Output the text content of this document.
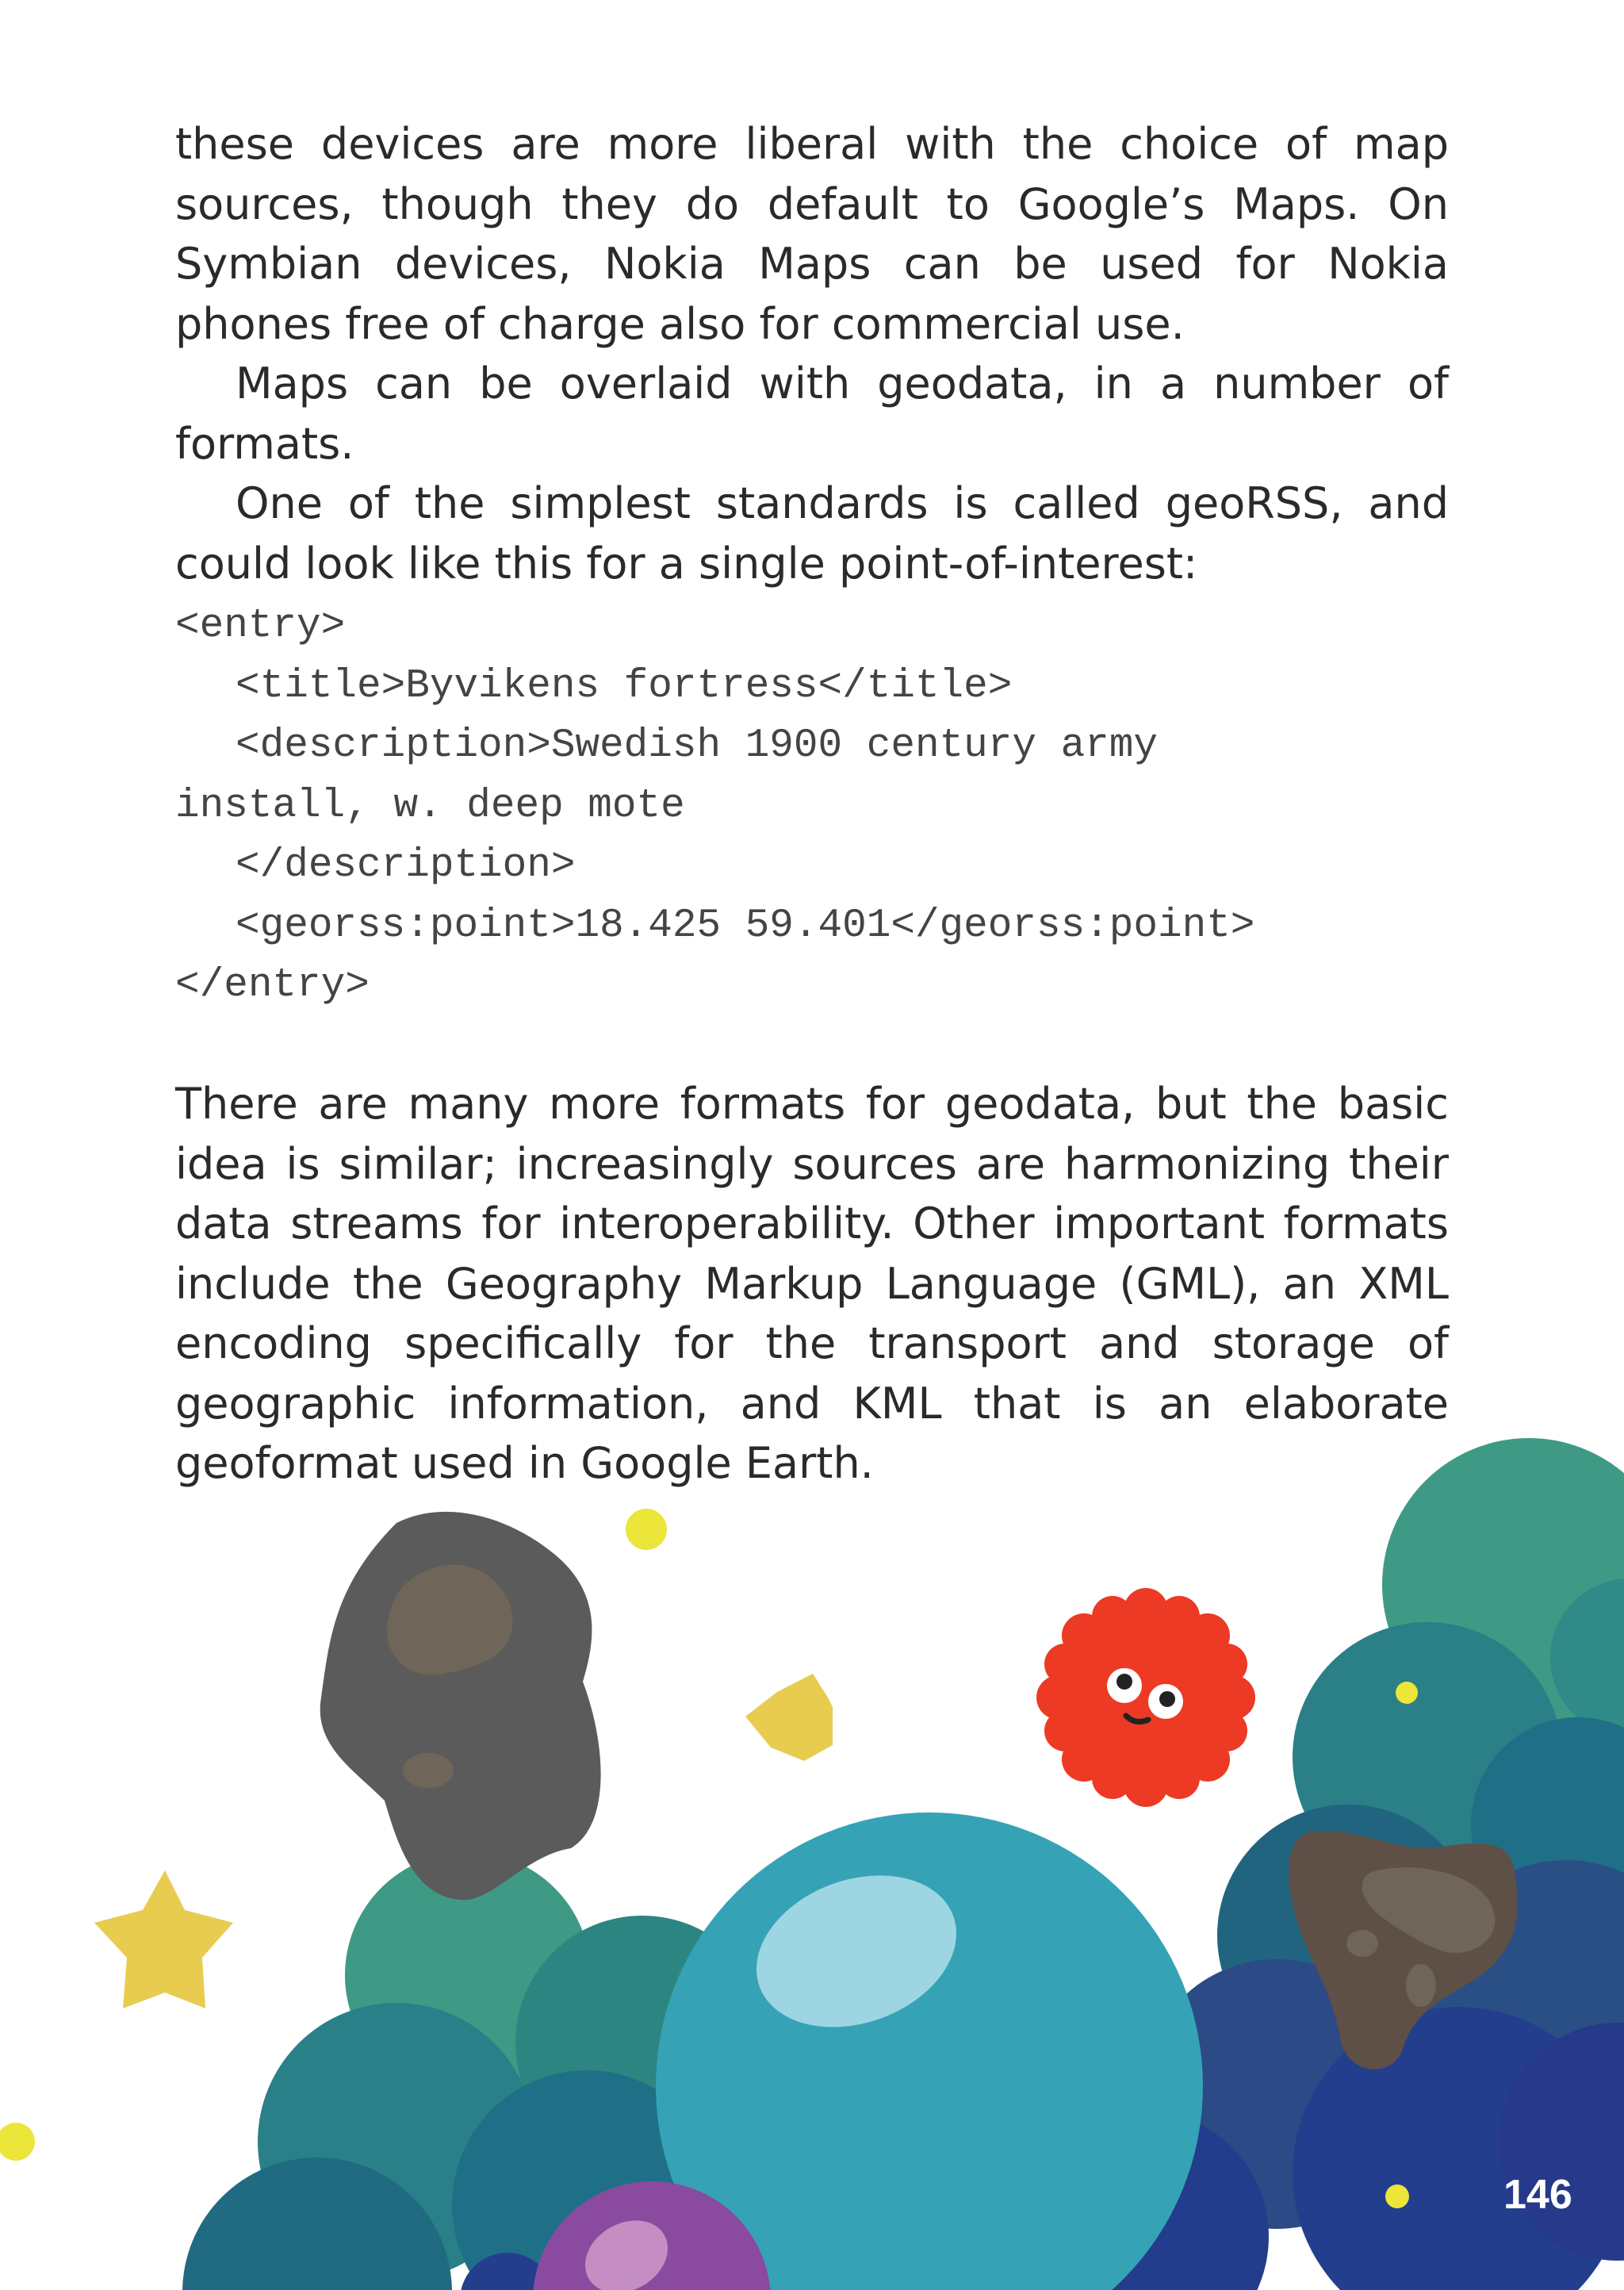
these devices are more liberal with the choice of map sources, though they do default to Google’s Maps. On Symbian devices, Nokia Maps can be used for Nokia phones free of charge also for commercial use.

Maps can be overlaid with geodata, in a number of formats.

One of the simplest standards is called geoRSS, and could look like this for a single point-of-interest:

<entry>
<title>Byvikens fortress</title>
<description>Swedish 1900 century army
install, w. deep mote
</description>
<georss:point>18.425 59.401</georss:point>
</entry>

There are many more formats for geodata, but the basic idea is similar; increasingly sources are harmonizing their data streams for interoperability. Other important formats include the Geography Markup Language (GML), an XML encoding specifically for the transport and storage of geographic information, and KML that is an elaborate geoformat used in Google Earth.

146
